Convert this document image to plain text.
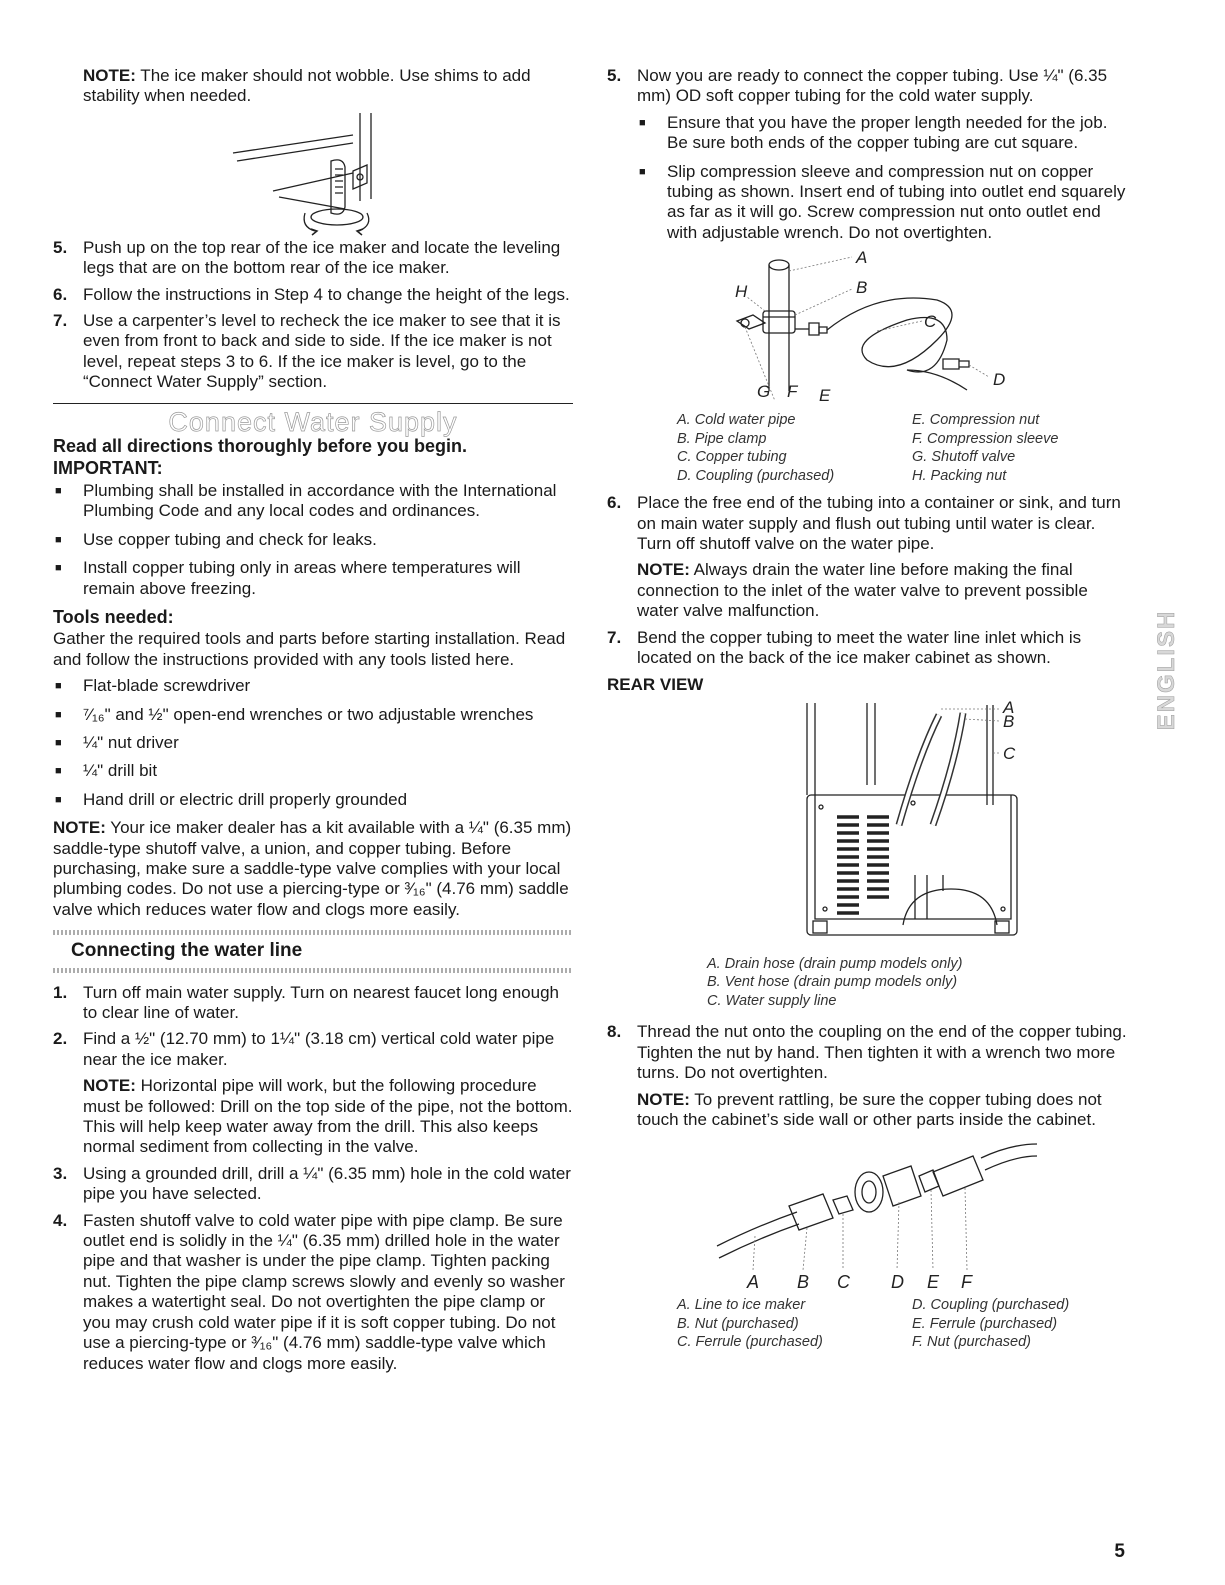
NOTE: The ice maker should not wobble. Use shims to add stability when needed.

5. Push up on the top rear of the ice maker and locate the leveling legs that are on the bottom rear of the ice maker.

6. Follow the instructions in Step 4 to change the height of the legs.

7. Use a carpenter’s level to recheck the ice maker to see that it is even from front to back and side to side. If the ice maker is not level, repeat steps 3 to 6. If the ice maker is level, go to the “Connect Water Supply” section.

Connect Water Supply
Read all directions thoroughly before you begin.
IMPORTANT:
■ Plumbing shall be installed in accordance with the International Plumbing Code and any local codes and ordinances.
■ Use copper tubing and check for leaks.
■ Install copper tubing only in areas where temperatures will remain above freezing.
Tools needed:

Gather the required tools and parts before starting installation. Read and follow the instructions provided with any tools listed here.

■ Flat-blade screwdriver
■ ⁷⁄₁₆" and ½" open-end wrenches or two adjustable wrenches
■ ¼" nut driver
■ ¼" drill bit
■ Hand drill or electric drill properly grounded

NOTE: Your ice maker dealer has a kit available with a ¼" (6.35 mm) saddle-type shutoff valve, a union, and copper tubing. Before purchasing, make sure a saddle-type valve complies with your local plumbing codes. Do not use a piercing-type or ³⁄₁₆" (4.76 mm) saddle valve which reduces water flow and clogs more easily.

Connecting the water line
1. Turn off main water supply. Turn on nearest faucet long enough to clear line of water.

2. Find a ½" (12.70 mm) to 1¼" (3.18 cm) vertical cold water pipe near the ice maker.

NOTE: Horizontal pipe will work, but the following procedure must be followed: Drill on the top side of the pipe, not the bottom. This will help keep water away from the drill. This also keeps normal sediment from collecting in the valve.

3. Using a grounded drill, drill a ¼" (6.35 mm) hole in the cold water pipe you have selected.

4. Fasten shutoff valve to cold water pipe with pipe clamp. Be sure outlet end is solidly in the ¼" (6.35 mm) drilled hole in the water pipe and that washer is under the pipe clamp. Tighten packing nut. Tighten the pipe clamp screws slowly and evenly so washer makes a watertight seal. Do not overtighten the pipe clamp or you may crush cold water pipe if it is soft copper tubing. Do not use a piercing-type or ³⁄₁₆" (4.76 mm) saddle-type valve which reduces water flow and clogs more easily.

5. Now you are ready to connect the copper tubing. Use ¼" (6.35 mm) OD soft copper tubing for the cold water supply.

■ Ensure that you have the proper length needed for the job. Be sure both ends of the copper tubing are cut square.
■ Slip compression sleeve and compression nut on copper tubing as shown. Insert end of tubing into outlet end squarely as far as it will go. Screw compression nut onto outlet end with adjustable wrench. Do not overtighten.
A
B
C
D
E
F
G
H
A. Cold water pipe
B. Pipe clamp
C. Copper tubing
D. Coupling (purchased)
E. Compression nut
F. Compression sleeve
G. Shutoff valve
H. Packing nut
6. Place the free end of the tubing into a container or sink, and turn on main water supply and flush out tubing until water is clear. Turn off shutoff valve on the water pipe.

NOTE: Always drain the water line before making the final connection to the inlet of the water valve to prevent possible water valve malfunction.

7. Bend the copper tubing to meet the water line inlet which is located on the back of the ice maker cabinet as shown.

REAR VIEW
A
B
C
A. Drain hose (drain pump models only)
B. Vent hose (drain pump models only)
C. Water supply line
8. Thread the nut onto the coupling on the end of the copper tubing. Tighten the nut by hand. Then tighten it with a wrench two more turns. Do not overtighten.

NOTE: To prevent rattling, be sure the copper tubing does not touch the cabinet’s side wall or other parts inside the cabinet.

A B C D E F
A. Line to ice maker
B. Nut (purchased)
C. Ferrule (purchased)
D. Coupling (purchased)
E. Ferrule (purchased)
F. Nut (purchased)
ENGLISH
5
